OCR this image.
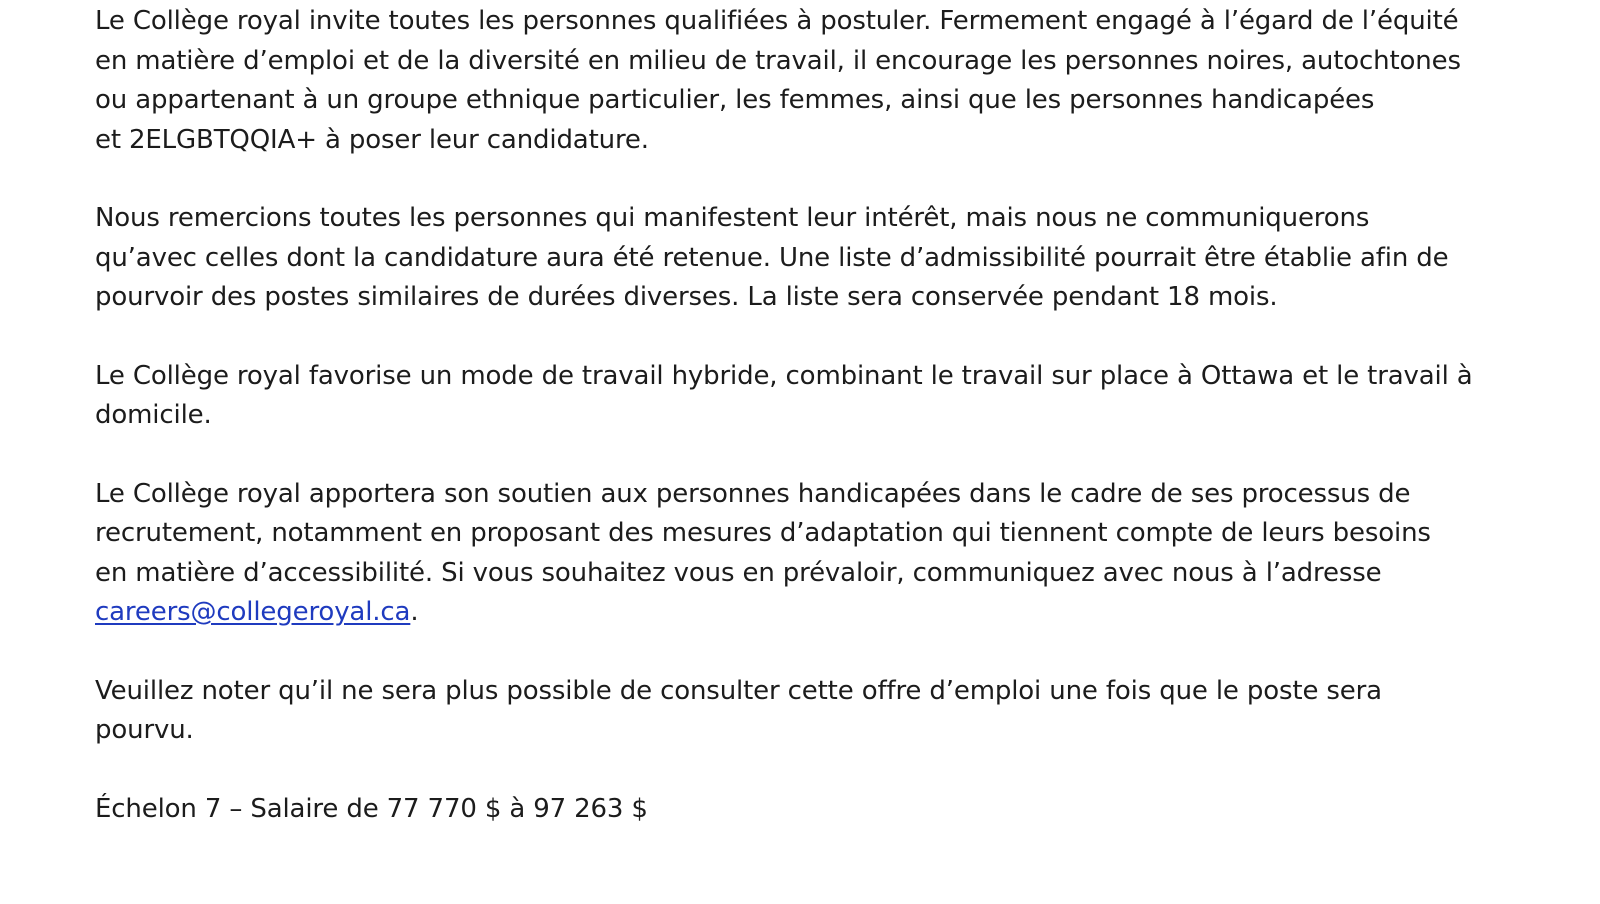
Le Collège royal invite toutes les personnes qualifiées à postuler. Fermement engagé à l’égard de l’équité
en matière d’emploi et de la diversité en milieu de travail, il encourage les personnes noires, autochtones
ou appartenant à un groupe ethnique particulier, les femmes, ainsi que les personnes handicapées
et 2ELGBTQQIA+ à poser leur candidature.

Nous remercions toutes les personnes qui manifestent leur intérêt, mais nous ne communiquerons
qu’avec celles dont la candidature aura été retenue. Une liste d’admissibilité pourrait être établie afin de
pourvoir des postes similaires de durées diverses. La liste sera conservée pendant 18 mois.

Le Collège royal favorise un mode de travail hybride, combinant le travail sur place à Ottawa et le travail à
domicile.

Le Collège royal apportera son soutien aux personnes handicapées dans le cadre de ses processus de
recrutement, notamment en proposant des mesures d’adaptation qui tiennent compte de leurs besoins
en matière d’accessibilité. Si vous souhaitez vous en prévaloir, communiquez avec nous à l’adresse
careers@collegeroyal.ca.

Veuillez noter qu’il ne sera plus possible de consulter cette offre d’emploi une fois que le poste sera
pourvu.

Échelon 7 – Salaire de 77 770 $ à 97 263 $
